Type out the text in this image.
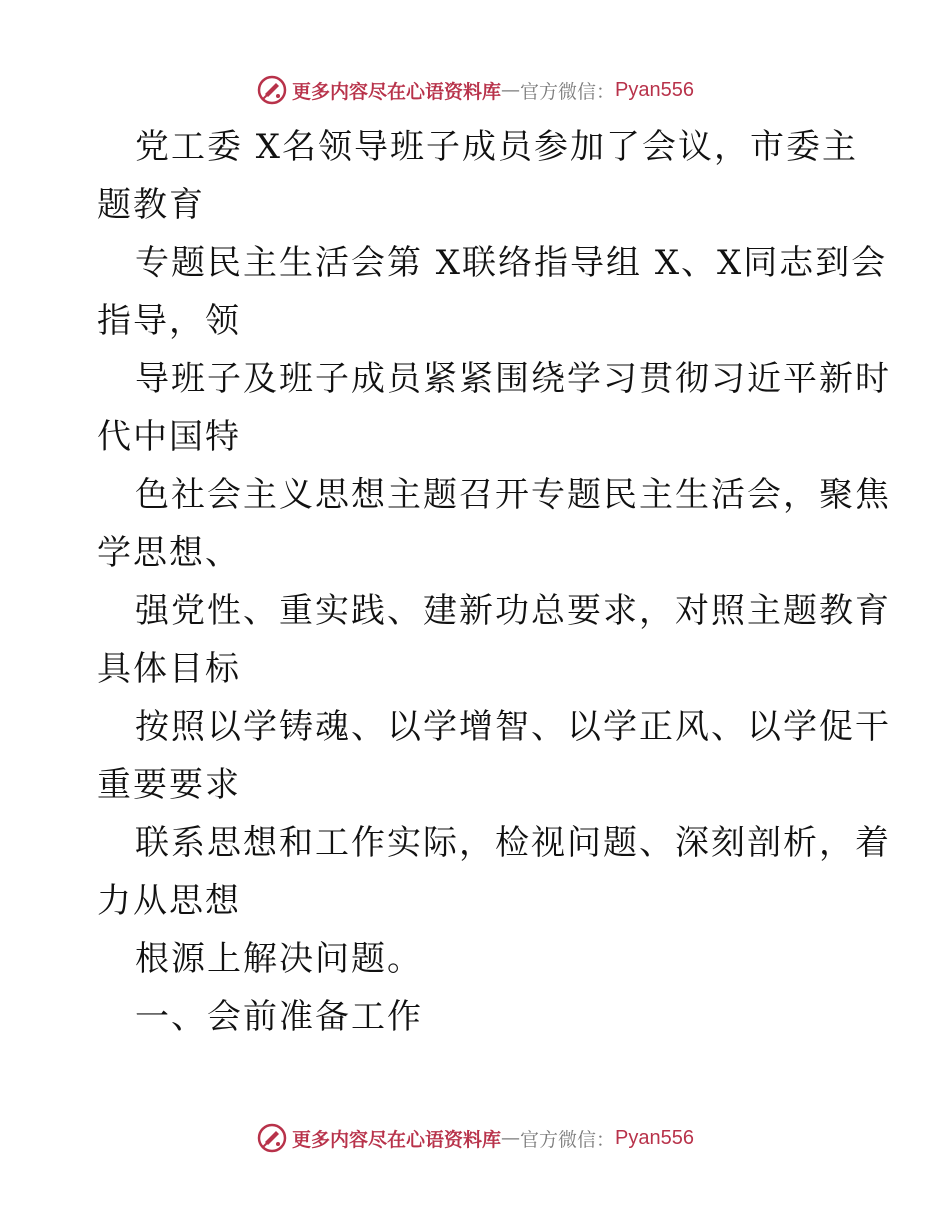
更多内容尽在心语资料库 — 官方微信： Pyan556
党工委 X名领导班子成员参加了会议，市委主
题教育
专题民主生活会第 X联络指导组 X、X同志到会
指导，领
导班子及班子成员紧紧围绕学习贯彻习近平新时
代中国特
色社会主义思想主题召开专题民主生活会，聚焦
学思想、
强党性、重实践、建新功总要求，对照主题教育
具体目标
按照以学铸魂、以学增智、以学正风、以学促干
重要要求
联系思想和工作实际，检视问题、深刻剖析，着
力从思想
根源上解决问题。
一、会前准备工作
更多内容尽在心语资料库 — 官方微信： Pyan556
